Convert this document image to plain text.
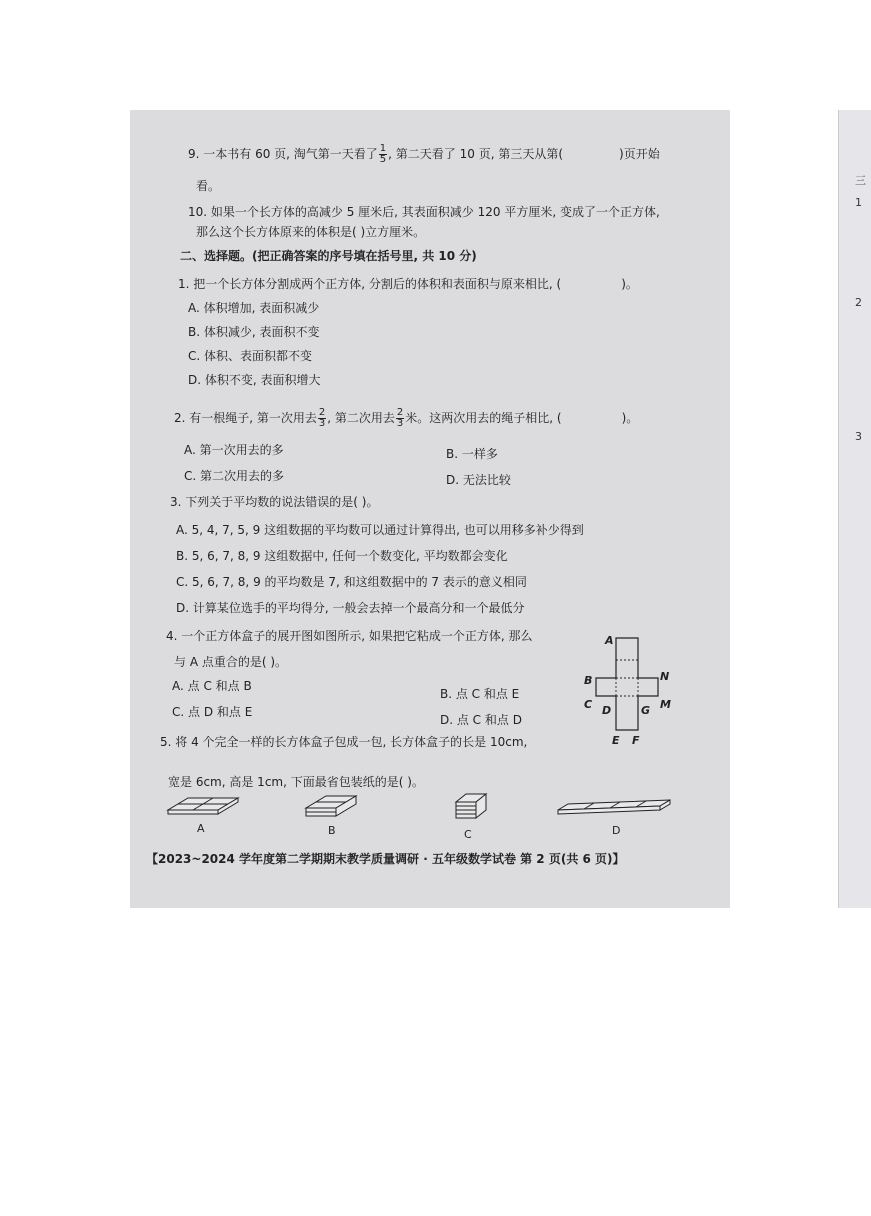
三
1
2
3
9. 一本书有 60 页, 淘气第一天看了 $\frac{1}{5}$ , 第二天看了 10 页, 第三天从第(	)页开始
看。
10. 如果一个长方体的高减少 5 厘米后, 其表面积减少 120 平方厘米, 变成了一个正方体,
那么这个长方体原来的体积是( )立方厘米。
二、选择题。(把正确答案的序号填在括号里, 共 10 分)
1. 把一个长方体分割成两个正方体, 分割后的体积和表面积与原来相比, (	)。
A. 体积增加, 表面积减少
B. 体积减少, 表面积不变
C. 体积、表面积都不变
D. 体积不变, 表面积增大
2. 有一根绳子, 第一次用去 $\frac{2}{3}$ , 第二次用去 $\frac{2}{3}$ 米。这两次用去的绳子相比, (	)。
A. 第一次用去的多	B. 一样多
C. 第二次用去的多	D. 无法比较
3. 下列关于平均数的说法错误的是( )。
A. 5, 4, 7, 5, 9 这组数据的平均数可以通过计算得出, 也可以用移多补少得到
B. 5, 6, 7, 8, 9 这组数据中, 任何一个数变化, 平均数都会变化
C. 5, 6, 7, 8, 9 的平均数是 7, 和这组数据中的 7 表示的意义相同
D. 计算某位选手的平均得分, 一般会去掉一个最高分和一个最低分
4. 一个正方体盒子的展开图如图所示, 如果把它粘成一个正方体, 那么
与 A 点重合的是( )。
A. 点 C 和点 B
B. 点 C 和点 E
C. 点 D 和点 E
D. 点 C 和点 D
A
B	N
C D	G M
E F
5. 将 4 个完全一样的长方体盒子包成一包, 长方体盒子的长是 10cm,
宽是 6cm, 高是 1cm, 下面最省包装纸的是( )。
A	B	C	D
【2023~2024 学年度第二学期期末教学质量调研 · 五年级数学试卷 第 2 页(共 6 页)】
